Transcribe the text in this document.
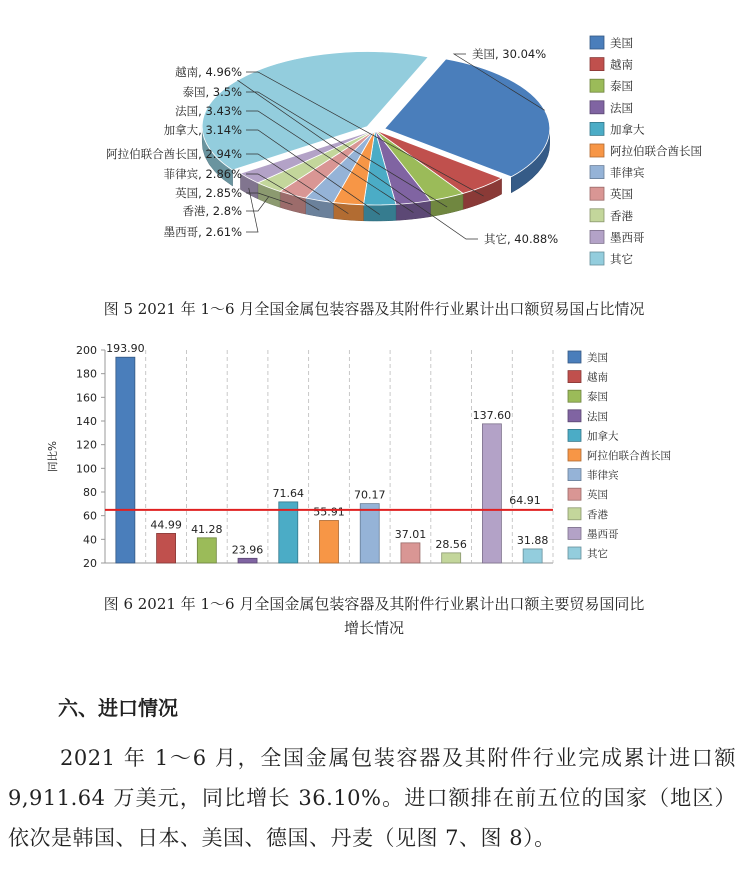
美国, 30.04%
越南, 4.96%
泰国, 3.5%
法国, 3.43%
加拿大, 3.14%
阿拉伯联合酋长国, 2.94%
菲律宾, 2.86%
英国, 2.85%
香港, 2.8%
墨西哥, 2.61%	其它, 40.88%
美国
越南
泰国
法国
加拿大
阿拉伯联合酋长国
菲律宾
英国
香港
墨西哥
其它
图 5 2021 年 1～6 月全国金属包装容器及其附件行业累计出口额贸易国占比情况
20
40
60
80
100
120
140
160
180
200
同比%
193.90
44.99 41.28
23.96
71.64
55.91
70.17
37.01
28.56
137.60
31.88
64.91
美国
越南
泰国
法国
加拿大
阿拉伯联合酋长国
菲律宾
英国
香港
墨西哥
其它
图 6 2021 年 1～6 月全国金属包装容器及其附件行业累计出口额主要贸易国同比
增长情况
六、进口情况
2021 年 1～6 月，全国金属包装容器及其附件行业完成累计进口额 9,911.64 万美元，同比增长 36.10%。进口额排在前五位的国家（地区）依次是韩国、日本、美国、德国、丹麦（见图 7、图 8）。
